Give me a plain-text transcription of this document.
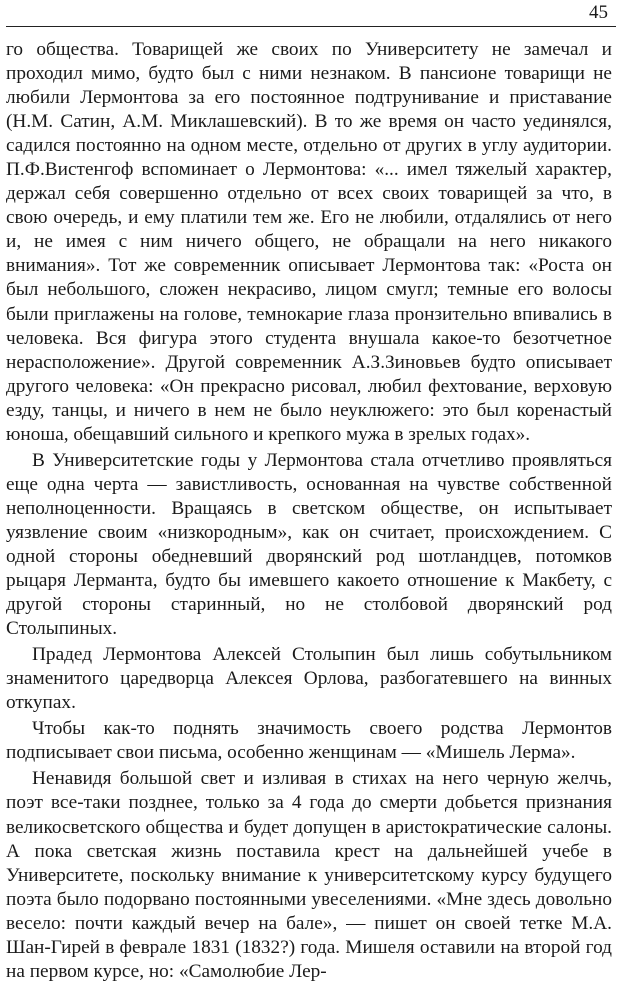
45

го общества. Товарищей же своих по Университету не замечал и проходил мимо, будто был с ними незнаком. В пансионе товарищи не любили Лермонтова за его постоянное подтрунивание и приставание (Н.М. Сатин, А.М. Миклашевский). В то же время он часто уединялся, садился постоянно на одном месте, отдельно от других в углу аудитории. П.Ф.Вистенгоф вспоминает о Лермонтова: «... имел тяжелый характер, держал себя совершенно отдельно от всех своих товарищей за что, в свою очередь, и ему платили тем же. Его не любили, отдалялись от него и, не имея с ним ничего общего, не обращали на него никакого внимания». Тот же современник описывает Лермонтова так: «Роста он был небольшого, сложен некрасиво, лицом смугл; темные его волосы были приглажены на голове, темнокарие глаза пронзительно впивались в человека. Вся фигура этого студента внушала какое-то безотчетное нерасположение». Другой современник А.З.Зиновьев будто описывает другого человека: «Он прекрасно рисовал, любил фехтование, верховую езду, танцы, и ничего в нем не было неуклюжего: это был коренастый юноша, обещавший сильного и крепкого мужа в зрелых годах».

В Университетские годы у Лермонтова стала отчетливо проявляться еще одна черта — завистливость, основанная на чувстве собственной неполноценности. Вращаясь в светском обществе, он испытывает уязвление своим «низкородным», как он считает, происхождением. С одной стороны обедневший дворянский род шотландцев, потомков рыцаря Лерманта, будто бы имевшего какоето отношение к Макбету, с другой стороны старинный, но не столбовой дворянский род Столыпиных.

Прадед Лермонтова Алексей Столыпин был лишь собутыльником знаменитого царедворца Алексея Орлова, разбогатевшего на винных откупах.

Чтобы как-то поднять значимость своего родства Лермонтов подписывает свои письма, особенно женщинам — «Мишель Лерма».

Ненавидя большой свет и изливая в стихах на него черную желчь, поэт все-таки позднее, только за 4 года до смерти добьется признания великосветского общества и будет допущен в аристократические салоны. А пока светская жизнь поставила крест на дальнейшей учебе в Университете, поскольку внимание к университетскому курсу будущего поэта было подорвано постоянными увеселениями. «Мне здесь довольно весело: почти каждый вечер на бале», — пишет он своей тетке М.А. Шан-Гирей в феврале 1831 (1832?) года. Мишеля оставили на второй год на первом курсе, но: «Самолюбие Лер-
